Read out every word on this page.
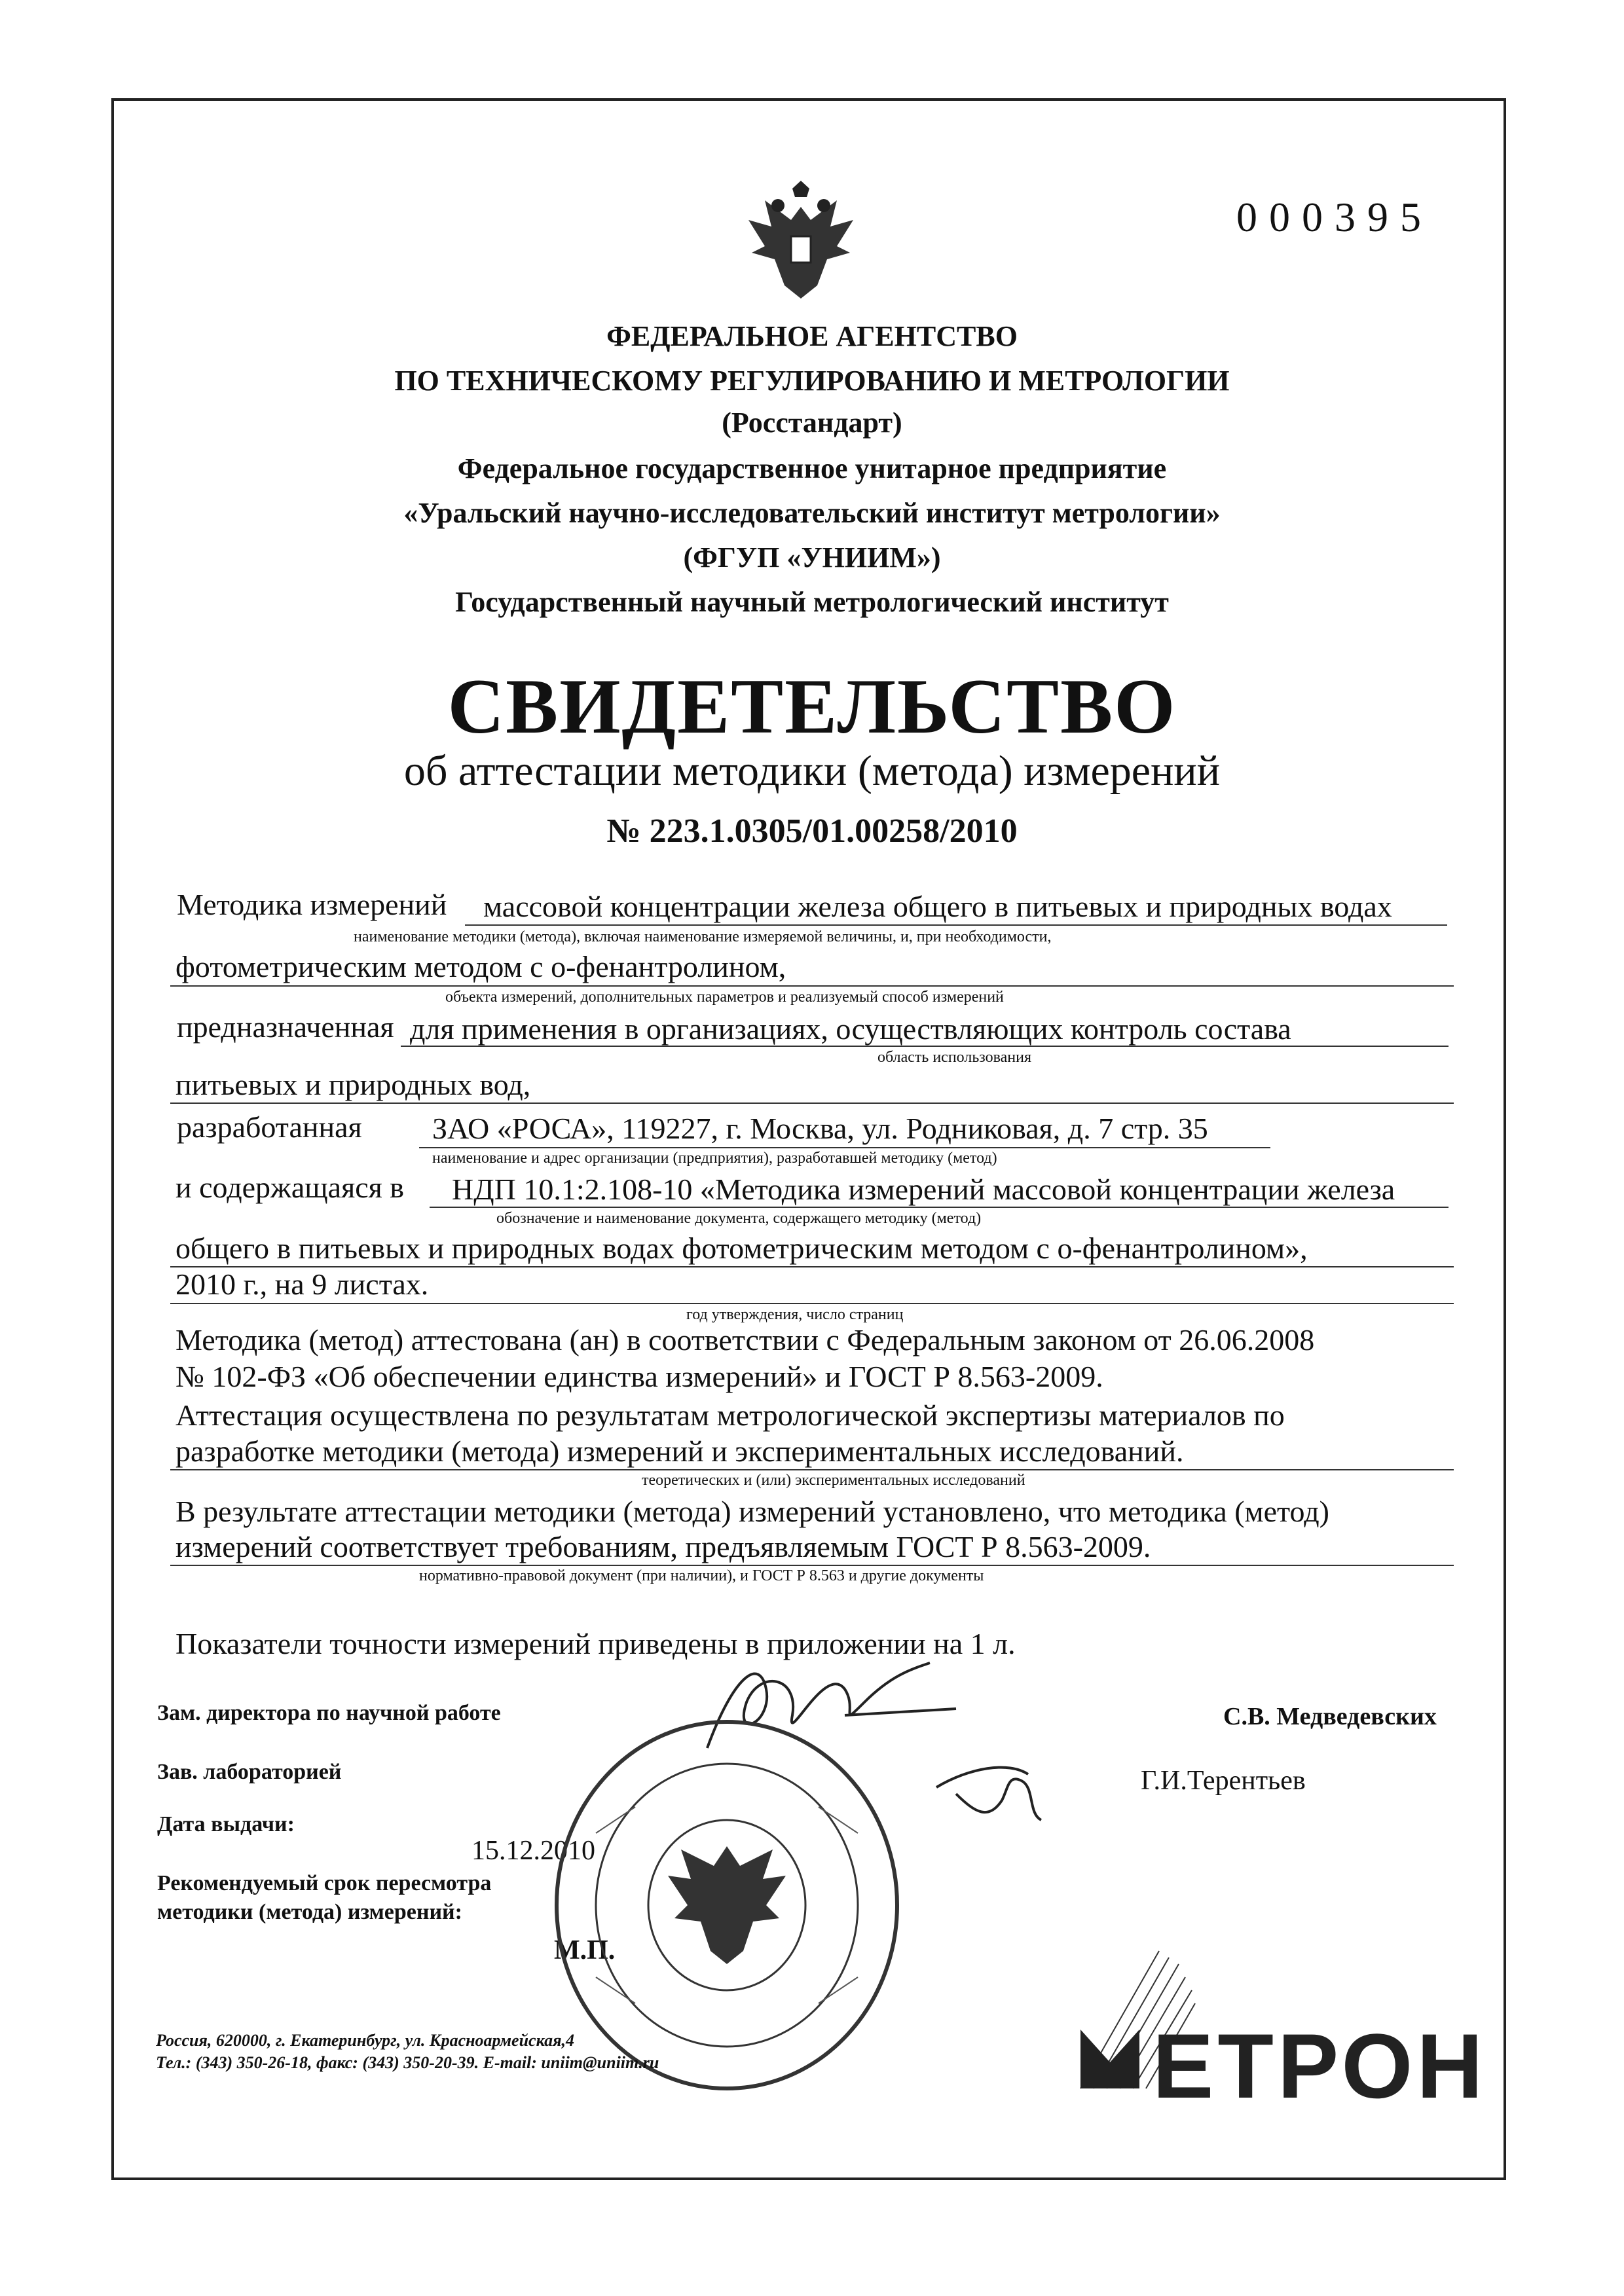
000395
ФЕДЕРАЛЬНОЕ АГЕНТСТВО
ПО ТЕХНИЧЕСКОМУ РЕГУЛИРОВАНИЮ И МЕТРОЛОГИИ
(Росстандарт)
Федеральное государственное унитарное предприятие
«Уральский научно-исследовательский институт метрологии»
(ФГУП «УНИИМ»)
Государственный научный метрологический институт
СВИДЕТЕЛЬСТВО
об аттестации методики (метода) измерений
№ 223.1.0305/01.00258/2010
Методика измерений массовой концентрации железа общего в питьевых и природных водах
наименование методики (метода), включая наименование измеряемой величины, и, при необходимости,
фотометрическим методом с о-фенантролином,
объекта измерений, дополнительных параметров и реализуемый способ измерений
предназначенная для применения в организациях, осуществляющих контроль состава
область использования
питьевых и природных вод,
разработанная ЗАО «РОСА», 119227, г. Москва, ул. Родниковая, д. 7 стр. 35
наименование и адрес организации (предприятия), разработавшей методику (метод)
и содержащаяся в НДП 10.1:2.108-10 «Методика измерений массовой концентрации железа
обозначение и наименование документа, содержащего методику (метод)
общего в питьевых и природных водах фотометрическим методом с о-фенантролином»,
2010 г., на 9 листах.
год утверждения, число страниц
Методика (метод) аттестована (ан) в соответствии с Федеральным законом от 26.06.2008
№ 102-ФЗ «Об обеспечении единства измерений» и ГОСТ Р 8.563-2009.
Аттестация осуществлена по результатам метрологической экспертизы материалов по
разработке методики (метода) измерений и экспериментальных исследований.
теоретических и (или) экспериментальных исследований
В результате аттестации методики (метода) измерений установлено, что методика (метод)
измерений соответствует требованиям, предъявляемым ГОСТ Р 8.563-2009.
нормативно-правовой документ (при наличии), и ГОСТ Р 8.563 и другие документы
Показатели точности измерений приведены в приложении на 1 л.
Зам. директора по научной работе	С.В. Медведевских
Зав. лабораторией	Г.И.Терентьев
Дата выдачи:
15.12.2010
Рекомендуемый срок пересмотра
методики (метода) измерений:
М.П.
Россия, 620000, г. Екатеринбург, ул. Красноармейская,4
Тел.: (343) 350-26-18, факс: (343) 350-20-39. E-mail: uniim@uniim.ru	ЕТРОН
